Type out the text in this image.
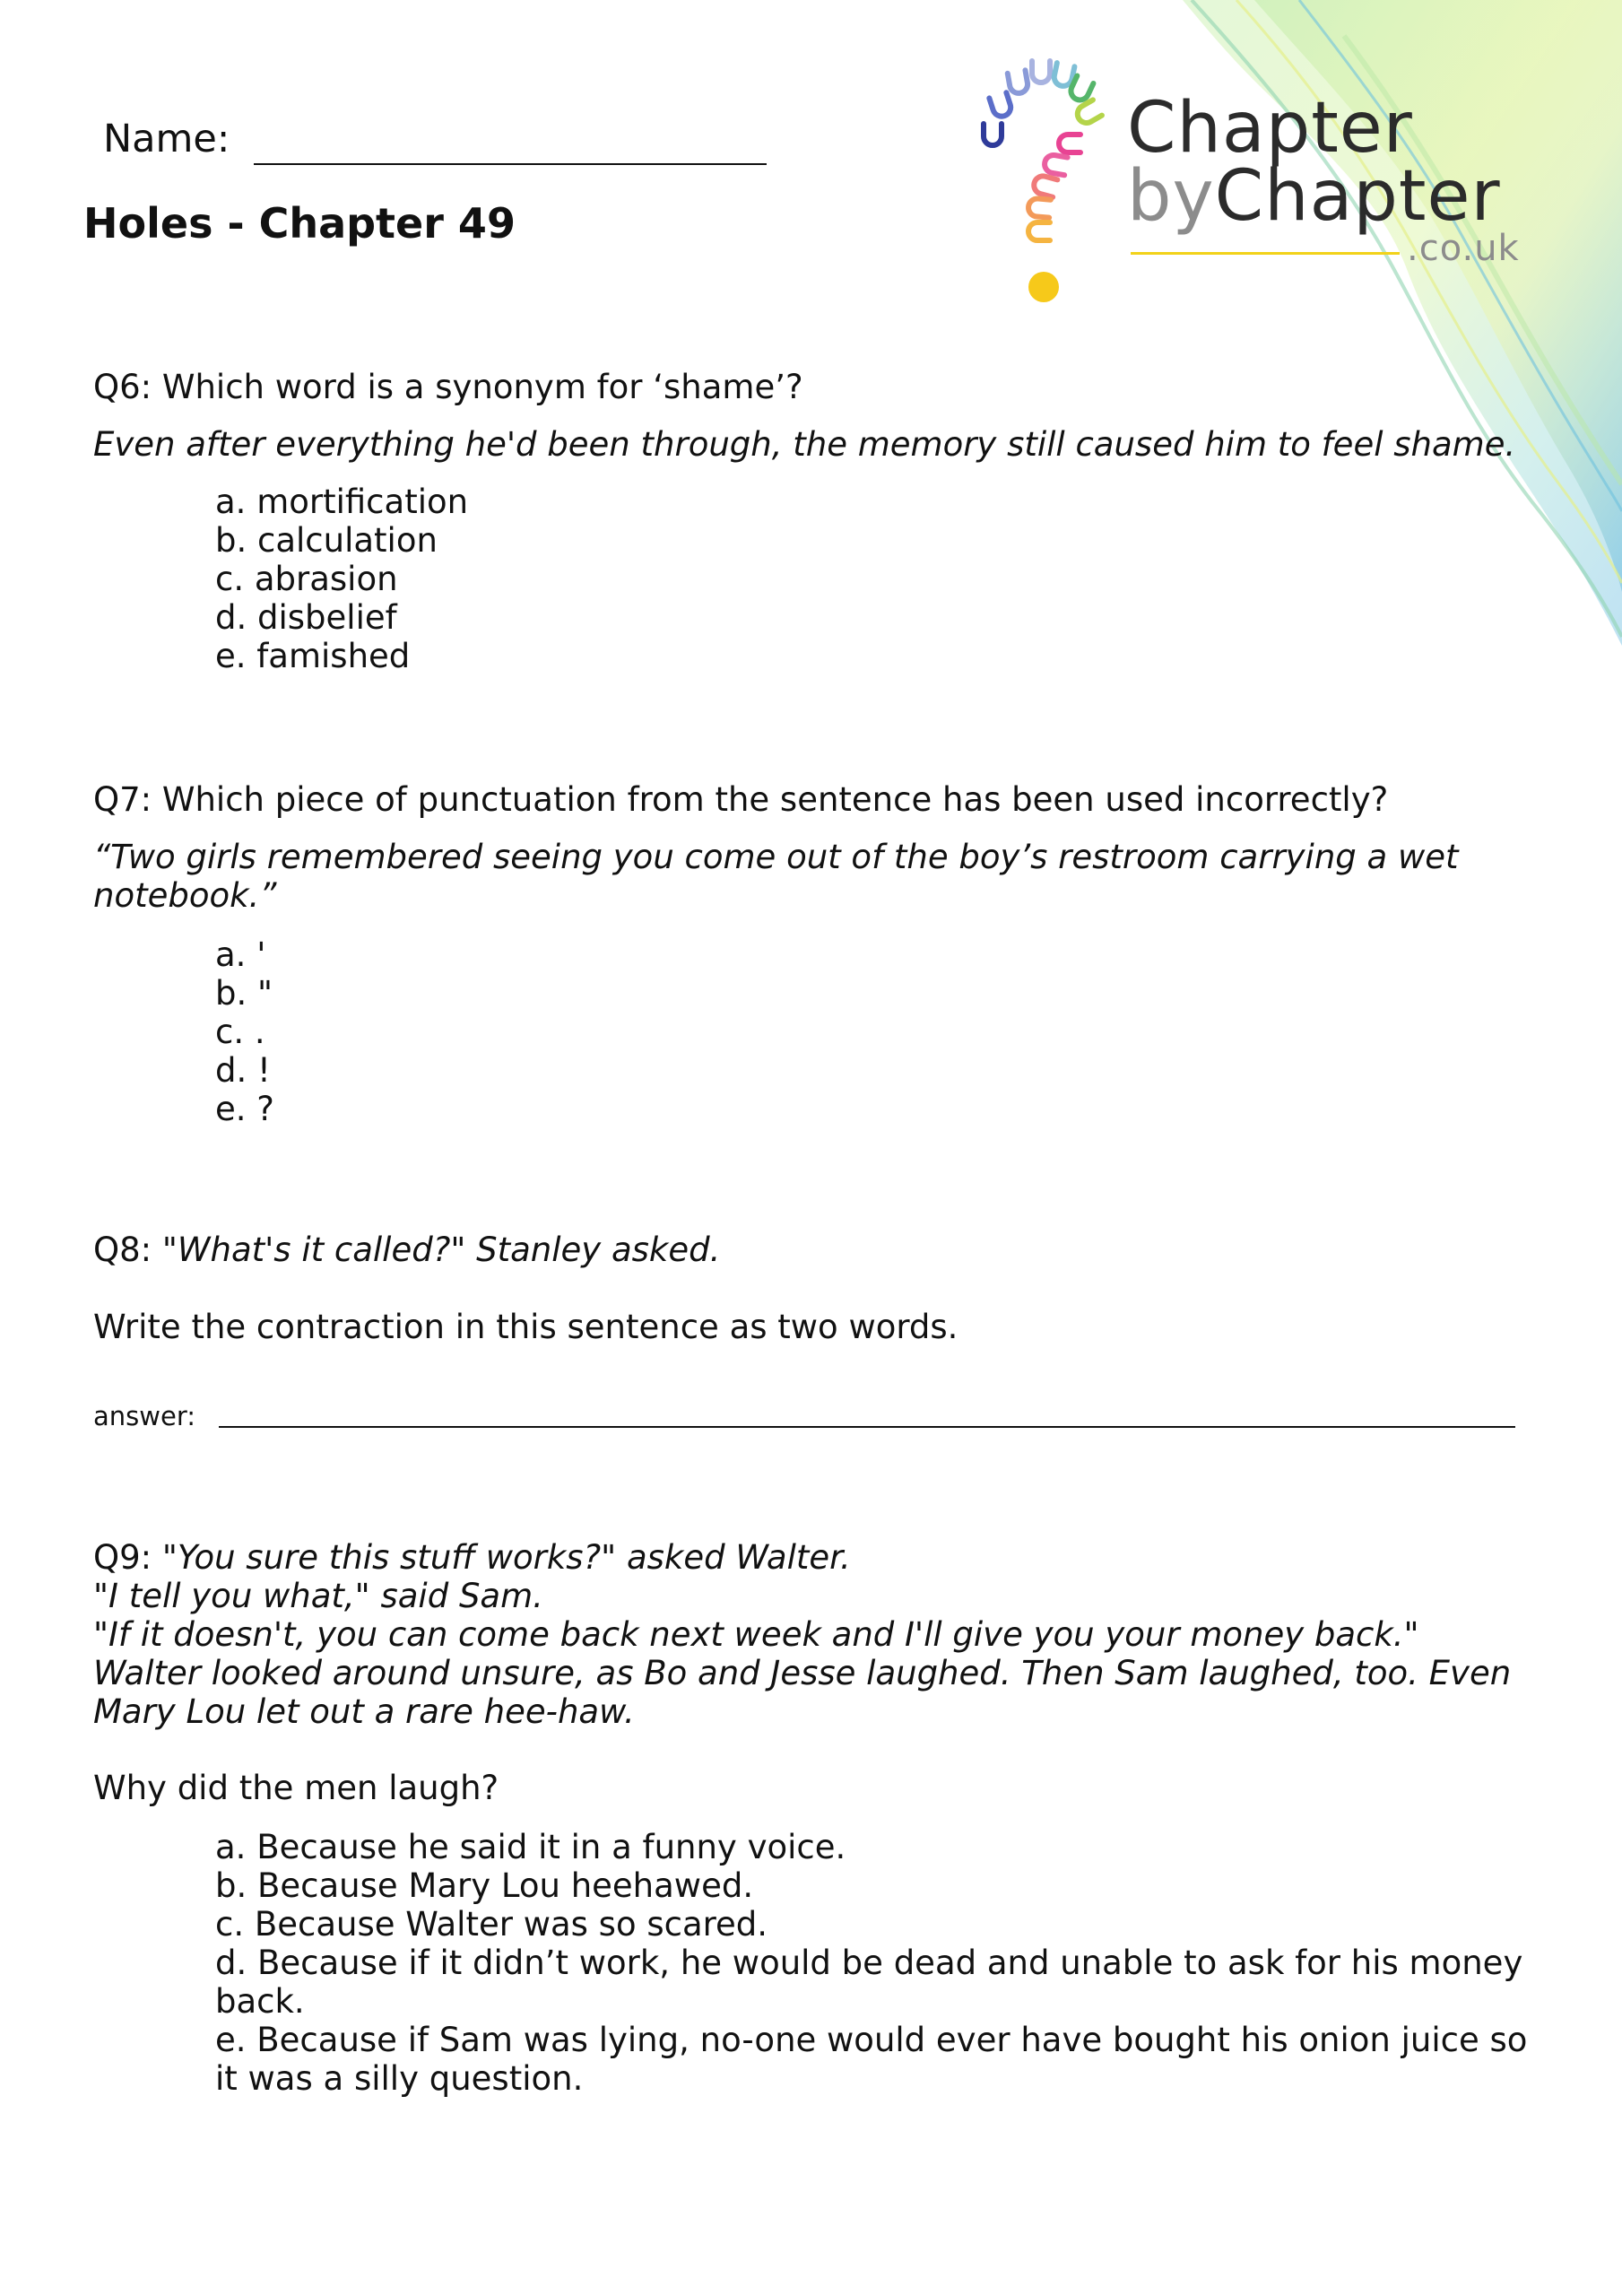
Chapter
byChapter
.co.uk
Name:
Holes - Chapter 49
Q6: Which word is a synonym for ‘shame’?
Even after everything he'd been through, the memory still caused him to feel shame.
a. mortification
b. calculation
c. abrasion
d. disbelief
e. famished
Q7: Which piece of punctuation from the sentence has been used incorrectly?
“Two girls remembered seeing you come out of the boy’s restroom carrying a wet
notebook.”
a. '
b. "
c. .
d. !
e. ?
Q8: "What's it called?" Stanley asked.
Write the contraction in this sentence as two words.
answer:
Q9: "You sure this stuff works?" asked Walter.
"I tell you what," said Sam.
"If it doesn't, you can come back next week and I'll give you your money back."
Walter looked around unsure, as Bo and Jesse laughed. Then Sam laughed, too. Even
Mary Lou let out a rare hee-haw.
Why did the men laugh?
a. Because he said it in a funny voice.
b. Because Mary Lou heehawed.
c. Because Walter was so scared.
d. Because if it didn’t work, he would be dead and unable to ask for his money
back.
e. Because if Sam was lying, no-one would ever have bought his onion juice so
it was a silly question.
